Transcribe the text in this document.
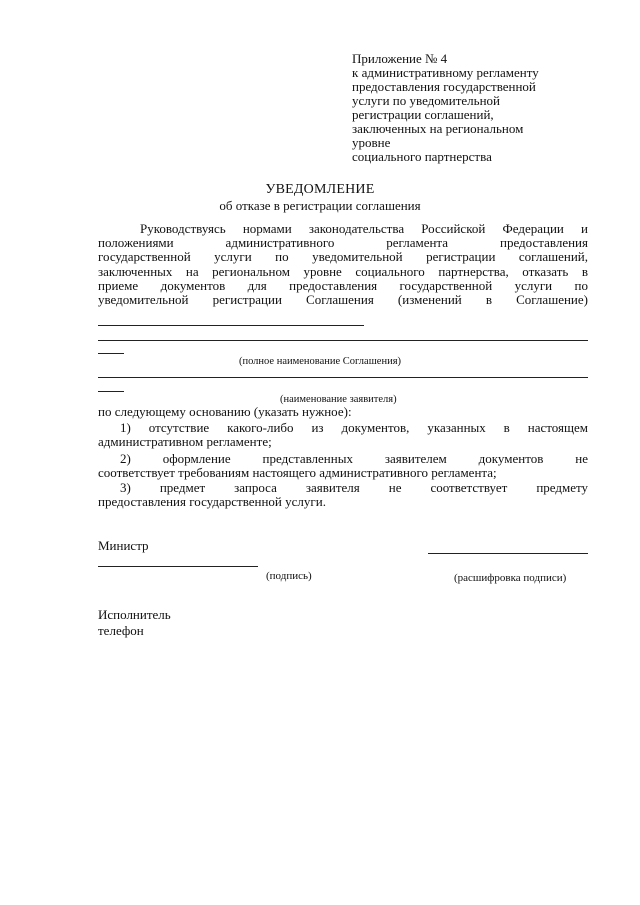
Приложение № 4
к административному регламенту
предоставления государственной
услуги по уведомительной
регистрации соглашений,
заключенных на региональном
уровне
социального партнерства
УВЕДОМЛЕНИЕ
об отказе в регистрации соглашения
Руководствуясь нормами законодательства Российской Федерации и
положениями административного регламента предоставления
государственной услуги по уведомительной регистрации соглашений,
заключенных на региональном уровне социального партнерства, отказать в
приеме документов для предоставления государственной услуги по
уведомительной регистрации Соглашения (изменений в Соглашение)
(полное наименование Соглашения)
(наименование заявителя)
по следующему основанию (указать нужное):
1) отсутствие какого-либо из документов, указанных в настоящем
административном регламенте;
2) оформление представленных заявителем документов не
соответствует требованиям настоящего административного регламента;
3) предмет запроса заявителя не соответствует предмету
предоставления государственной услуги.
Министр
(подпись)	(расшифровка подписи)
Исполнитель
телефон
